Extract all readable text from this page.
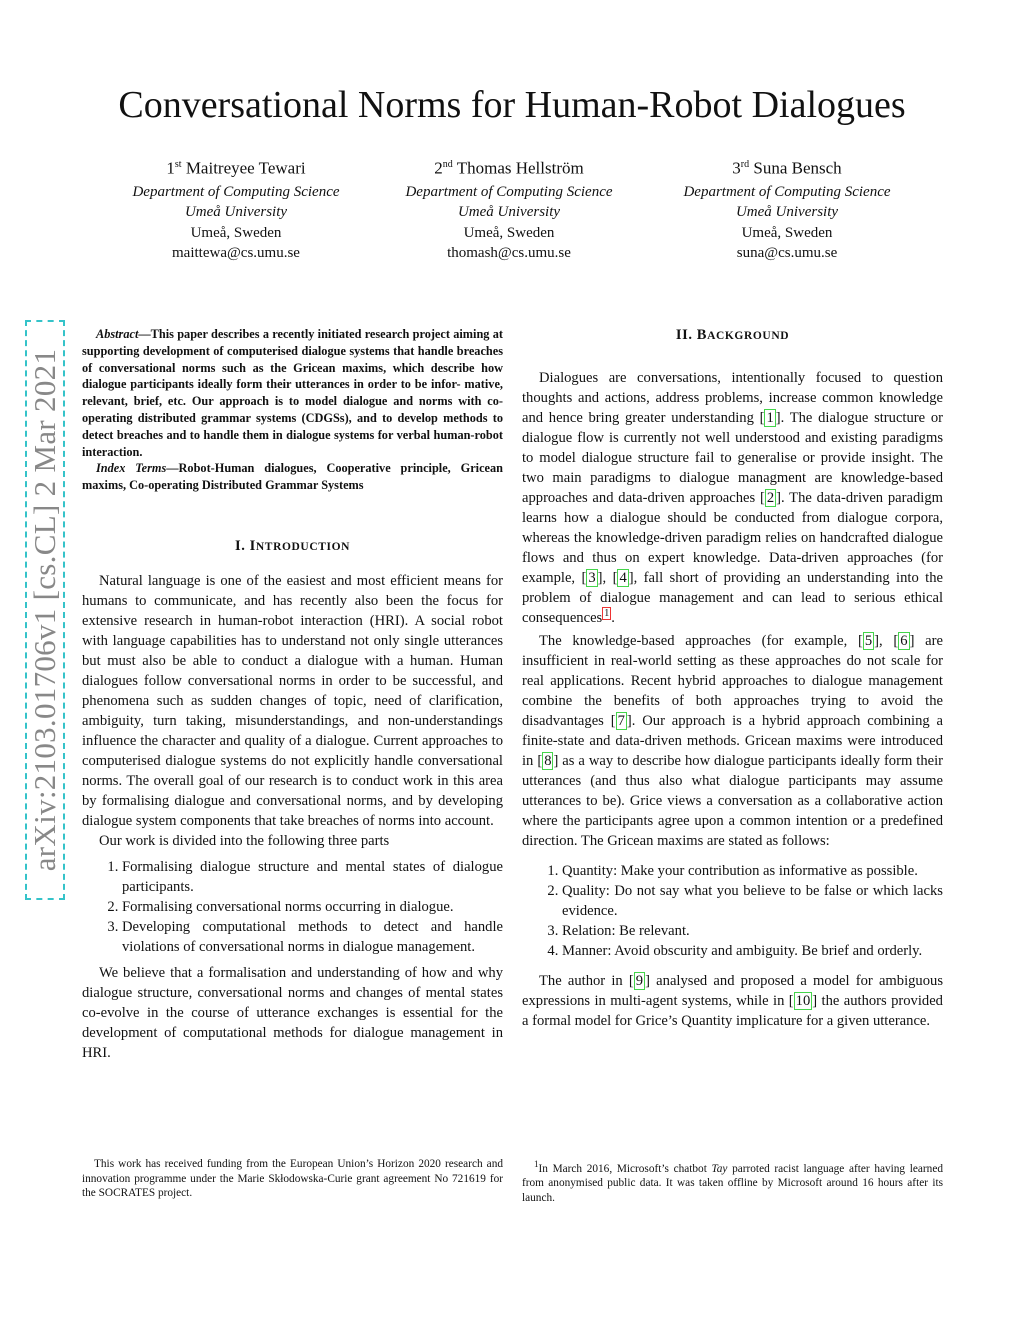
Conversational Norms for Human-Robot Dialogues
1st Maitreyee Tewari
Department of Computing Science
Umeå University
Umeå, Sweden
maittewa@cs.umu.se
2nd Thomas Hellström
Department of Computing Science
Umeå University
Umeå, Sweden
thomash@cs.umu.se
3rd Suna Bensch
Department of Computing Science
Umeå University
Umeå, Sweden
suna@cs.umu.se
arXiv:2103.01706v1 [cs.CL] 2 Mar 2021

Abstract—This paper describes a recently initiated research project aiming at supporting development of computerised dialogue systems that handle breaches of conversational norms such as the Gricean maxims, which describe how dialogue participants ideally form their utterances in order to be infor- mative, relevant, brief, etc. Our approach is to model dialogue and norms with co-operating distributed grammar systems (CDGSs), and to develop methods to detect breaches and to handle them in dialogue systems for verbal human-robot interaction.

Index Terms—Robot-Human dialogues, Cooperative principle, Gricean maxims, Co-operating Distributed Grammar Systems

I. INTRODUCTION

Natural language is one of the easiest and most efficient means for humans to communicate, and has recently also been the focus for extensive research in human-robot interaction (HRI). A social robot with language capabilities has to understand not only single utterances but must also be able to conduct a dialogue with a human. Human dialogues follow conversational norms in order to be successful, and phenomena such as sudden changes of topic, need of clarification, ambiguity, turn taking, misunderstandings, and non-understandings influence the character and quality of a dialogue. Current approaches to computerised dialogue systems do not explicitly handle conversational norms. The overall goal of our research is to conduct work in this area by formalising dialogue and conversational norms, and by developing dialogue system components that take breaches of norms into account.

Our work is divided into the following three parts

1. Formalising dialogue structure and mental states of dialogue participants.
2. Formalising conversational norms occurring in dialogue.
3. Developing computational methods to detect and handle violations of conversational norms in dialogue management.

We believe that a formalisation and understanding of how and why dialogue structure, conversational norms and changes of mental states co-evolve in the course of utterance exchanges is essential for the development of computational methods for dialogue management in HRI.

II. BACKGROUND

Dialogues are conversations, intentionally focused to question thoughts and actions, address problems, increase common knowledge and hence bring greater understanding [ 1 ]. The dialogue structure or dialogue flow is currently not well understood and existing paradigms to model dialogue structure fail to generalise or provide insight. The two main paradigms to dialogue managment are knowledge-based approaches and data-driven approaches [ 2 ]. The data-driven paradigm learns how a dialogue should be conducted from dialogue corpora, whereas the knowledge-driven paradigm relies on handcrafted dialogue flows and thus on expert knowledge. Data-driven approaches (for example, [ 3 ], [ 4 ], fall short of providing an understanding into the problem of dialogue management and can lead to serious ethical consequences $^1$ .

The knowledge-based approaches (for example, [ 5 ], [ 6 ] are insufficient in real-world setting as these approaches do not scale for real applications. Recent hybrid approaches to dialogue management combine the benefits of both approaches trying to avoid the disadvantages [ 7 ]. Our approach is a hybrid approach combining a finite-state and data-driven methods. Gricean maxims were introduced in [ 8 ] as a way to describe how dialogue participants ideally form their utterances (and thus also what dialogue participants may assume utterances to be). Grice views a conversation as a collaborative action where the participants agree upon a common intention or a predefined direction. The Gricean maxims are stated as follows:

1. Quantity: Make your contribution as informative as possible.
2. Quality: Do not say what you believe to be false or which lacks evidence.
3. Relation: Be relevant.
4. Manner: Avoid obscurity and ambiguity. Be brief and orderly.

The author in [ 9 ] analysed and proposed a model for ambiguous expressions in multi-agent systems, while in [ 10 ] the authors provided a formal model for Grice’s Quantity implicature for a given utterance.

This work has received funding from the European Union’s Horizon 2020 research and innovation programme under the Marie Skłodowska-Curie grant agreement No 721619 for the SOCRATES project.
$^1$In March 2016, Microsoft’s chatbot Tay parroted racist language after having learned from anonymised public data. It was taken offline by Microsoft around 16 hours after its launch.
